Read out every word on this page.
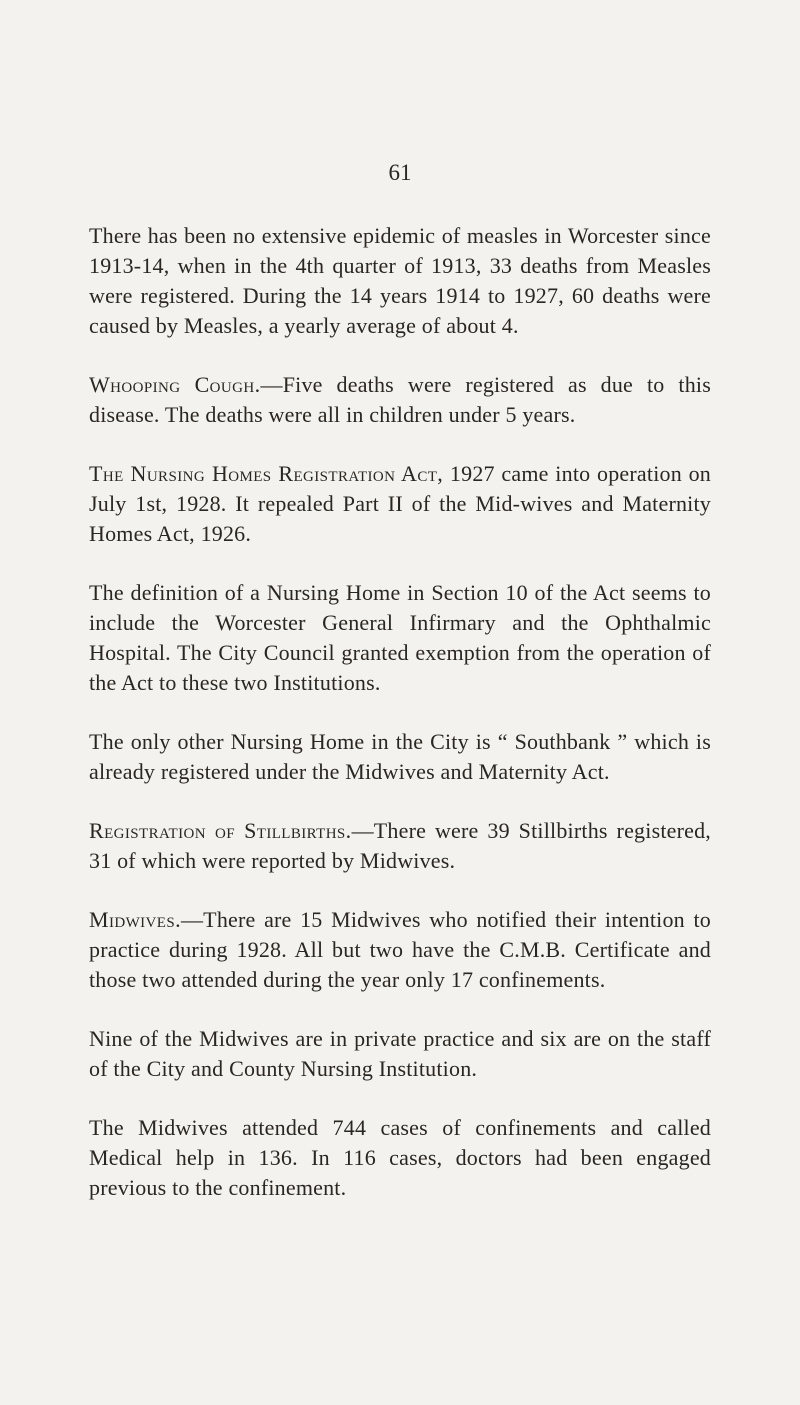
61

There has been no extensive epidemic of measles in Worcester since 1913-14, when in the 4th quarter of 1913, 33 deaths from Measles were registered. During the 14 years 1914 to 1927, 60 deaths were caused by Measles, a yearly average of about 4.

Whooping Cough.—Five deaths were registered as due to this disease. The deaths were all in children under 5 years.

The Nursing Homes Registration Act, 1927 came into operation on July 1st, 1928. It repealed Part II of the Mid-wives and Maternity Homes Act, 1926.

The definition of a Nursing Home in Section 10 of the Act seems to include the Worcester General Infirmary and the Ophthalmic Hospital. The City Council granted exemption from the operation of the Act to these two Institutions.

The only other Nursing Home in the City is “ Southbank ” which is already registered under the Midwives and Maternity Act.

Registration of Stillbirths.—There were 39 Stillbirths registered, 31 of which were reported by Midwives.

Midwives.—There are 15 Midwives who notified their intention to practice during 1928. All but two have the C.M.B. Certificate and those two attended during the year only 17 confinements.

Nine of the Midwives are in private practice and six are on the staff of the City and County Nursing Institution.

The Midwives attended 744 cases of confinements and called Medical help in 136. In 116 cases, doctors had been engaged previous to the confinement.
